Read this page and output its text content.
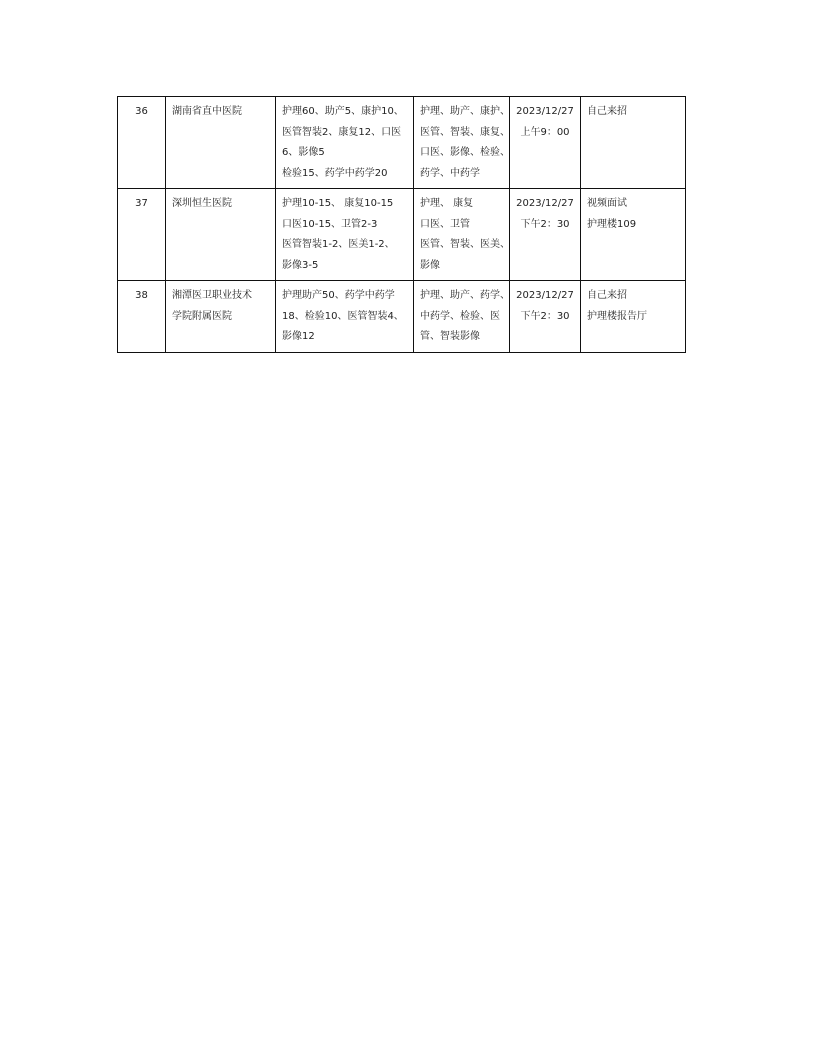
36	湖南省直中医院	护理60、助产5、康护10、
医管智装2、康复12、口医
6、影像5
检验15、药学中药学20	护理、助产、康护、
医管、智装、康复、
口医、影像、检验、
药学、中药学	2023/12/27
上午9：00	自己来招

37	深圳恒生医院	护理10-15、 康复10-15
口医10-15、卫管2-3
医管智装1-2、医美1-2、
影像3-5	护理、 康复
口医、卫管
医管、智装、医美、
影像	2023/12/27
下午2：30	视频面试
护理楼109

38	湘潭医卫职业技术
学院附属医院	护理助产50、药学中药学
18、检验10、医管智装4、
影像12	护理、助产、药学、
中药学、检验、医
管、智装影像	2023/12/27
下午2：30	自己来招
护理楼报告厅
